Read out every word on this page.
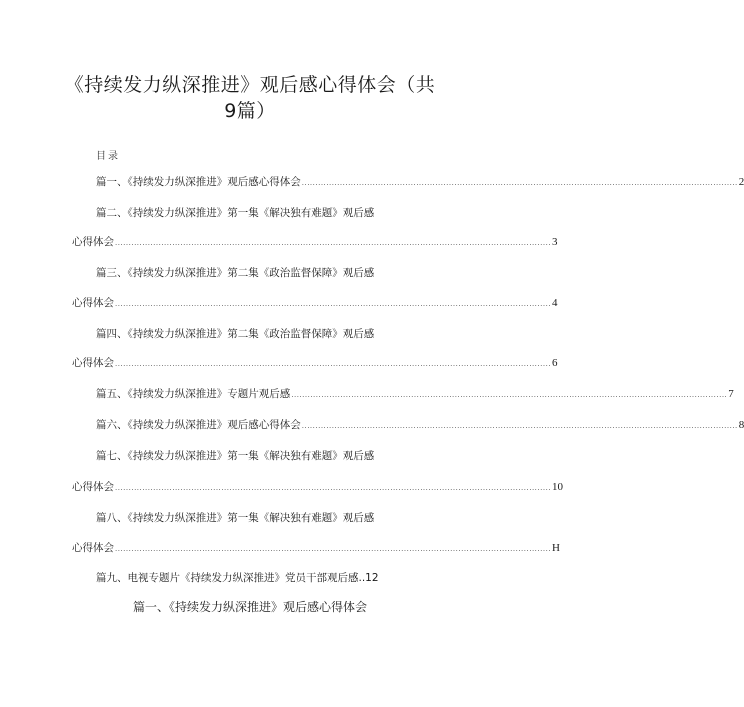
《持续发力纵深推进》观后感心得体会（共
9篇）
目录
篇一、《持续发力纵深推进》观后感心得体会 ................................................................................................................................................................ 2
篇二、《持续发力纵深推进》第一集《解决独有难题》观后感
心得体会 ................................................................................................................................................................ 3
篇三、《持续发力纵深推进》第二集《政治监督保障》观后感
心得体会 ................................................................................................................................................................ 4
篇四、《持续发力纵深推进》第二集《政治监督保障》观后感
心得体会 ................................................................................................................................................................ 6
篇五、《持续发力纵深推进》专题片观后感 ................................................................................................................................................................ 7
篇六、《持续发力纵深推进》观后感心得体会 ................................................................................................................................................................ 8
篇七、《持续发力纵深推进》第一集《解决独有难题》观后感
心得体会 ................................................................................................................................................................ 10
篇八、《持续发力纵深推进》第一集《解决独有难题》观后感
心得体会 ................................................................................................................................................................ H
篇九、电视专题片《持续发力纵深推进》党员干部观后感..12
篇一、《持续发力纵深推进》观后感心得体会
